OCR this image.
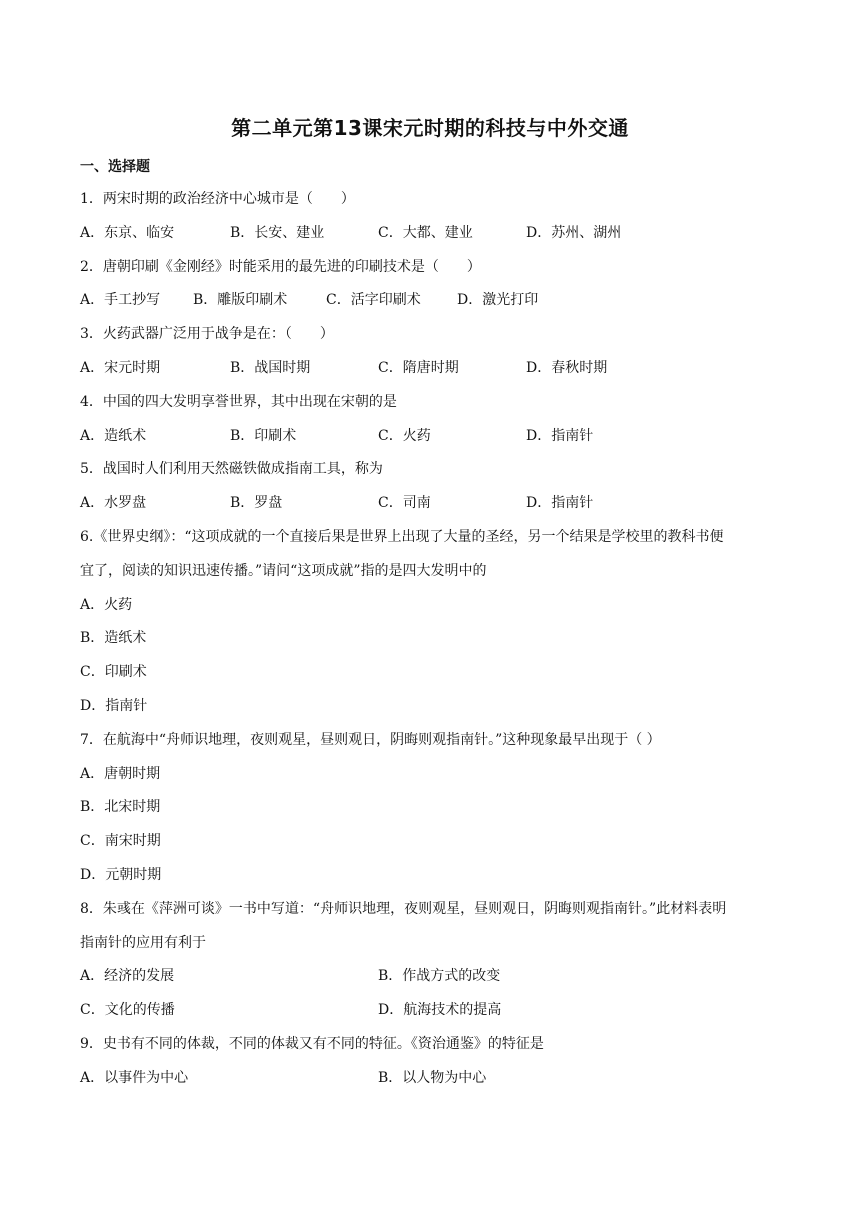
第二单元第13课宋元时期的科技与中外交通
一、选择题
1．两宋时期的政治经济中心城市是（　　）
A．东京、临安	B．长安、建业	C．大都、建业	D．苏州、湖州
2．唐朝印刷《金刚经》时能采用的最先进的印刷技术是（　　）
A．手工抄写 B．雕版印刷术	C．活字印刷术	D．激光打印
3．火药武器广泛用于战争是在：（　　）
A．宋元时期	B．战国时期	C．隋唐时期	D．春秋时期
4．中国的四大发明享誉世界，其中出现在宋朝的是
A．造纸术	B．印刷术	C．火药	D．指南针
5．战国时人们利用天然磁铁做成指南工具，称为
A．水罗盘	B．罗盘	C．司南	D．指南针
6.《世界史纲》：“这项成就的一个直接后果是世界上出现了大量的圣经，另一个结果是学校里的教科书便
宜了，阅读的知识迅速传播。”请问“这项成就”指的是四大发明中的
A．火药
B．造纸术
C．印刷术
D．指南针
7．在航海中“舟师识地理，夜则观星，昼则观日，阴晦则观指南针。”这种现象最早出现于（ ）
A．唐朝时期
B．北宋时期
C．南宋时期
D．元朝时期
8．朱彧在《萍洲可谈》一书中写道：“舟师识地理，夜则观星，昼则观日，阴晦则观指南针。”此材料表明
指南针的应用有利于
A．经济的发展	B．作战方式的改变
C．文化的传播	D．航海技术的提高
9．史书有不同的体裁，不同的体裁又有不同的特征。《资治通鉴》的特征是
A．以事件为中心	B．以人物为中心
